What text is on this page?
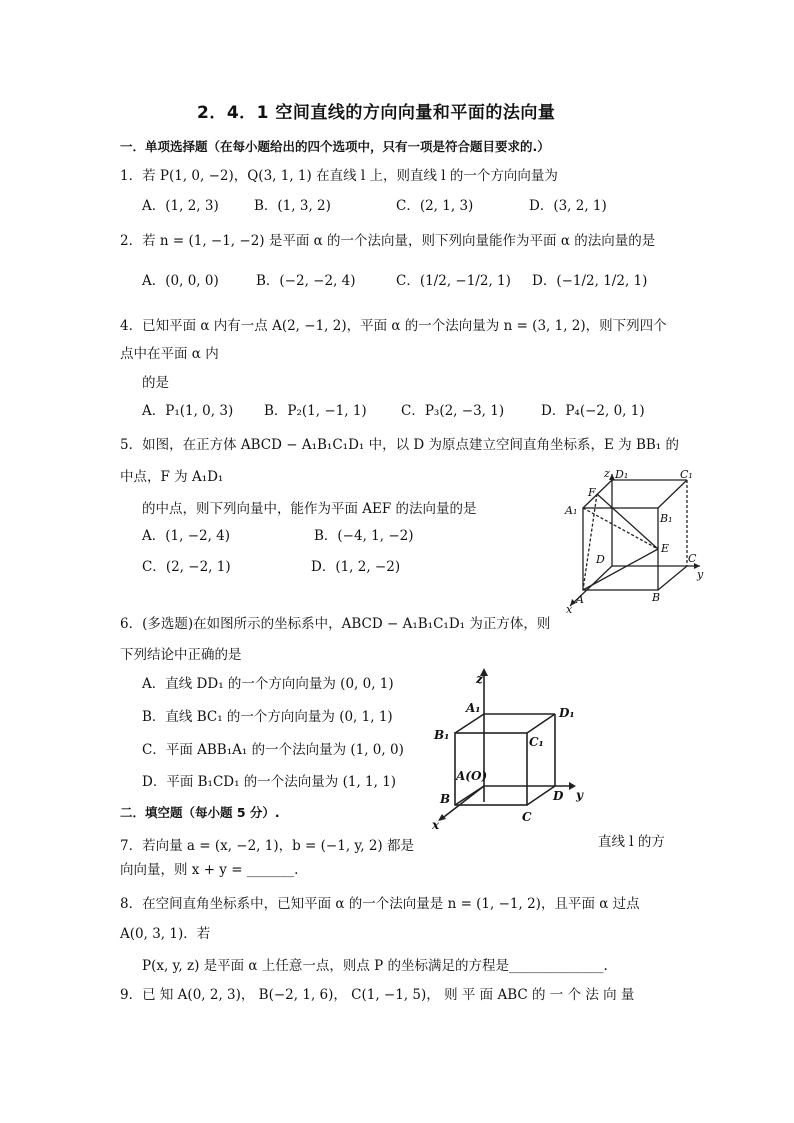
2．4．1 空间直线的方向向量和平面的法向量
一．单项选择题（在每小题给出的四个选项中，只有一项是符合题目要求的.）
1．若 P(1, 0, −2)，Q(3, 1, 1) 在直线 l 上，则直线 l 的一个方向向量为
A．(1, 2, 3)	B．(1, 3, 2)	C．(2, 1, 3)	D．(3, 2, 1)
2．若 n = (1, −1, −2) 是平面 α 的一个法向量，则下列向量能作为平面 α 的法向量的是
A．(0, 0, 0)	B．(−2, −2, 4)	C．(1/2, −1/2, 1) D．(−1/2, 1/2, 1)
4．已知平面 α 内有一点 A(2, −1, 2)，平面 α 的一个法向量为 n = (3, 1, 2)，则下列四个
点中在平面 α 内
的是
A．P₁(1, 0, 3) B．P₂(1, −1, 1)	C．P₃(2, −3, 1)	D．P₄(−2, 0, 1)
5．如图，在正方体 ABCD − A₁B₁C₁D₁ 中，以 D 为原点建立空间直角坐标系，E 为 BB₁ 的
中点，F 为 A₁D₁
的中点，则下列向量中，能作为平面 AEF 的法向量的是
A．(1, −2, 4)	B．(−4, 1, −2)
C．(2, −2, 1)	D．(1, 2, −2)
z D₁	C₁
F
A₁
B₁
D
E
C
y
A	B
x
6．(多选题)在如图所示的坐标系中，ABCD − A₁B₁C₁D₁ 为正方体，则
下列结论中正确的是
A．直线 DD₁ 的一个方向向量为 (0, 0, 1)
B．直线 BC₁ 的一个方向向量为 (0, 1, 1)
C．平面 ABB₁A₁ 的一个法向量为 (1, 0, 0)
D．平面 B₁CD₁ 的一个法向量为 (1, 1, 1)
z
A₁	D₁
B₁	C₁
A(O)
D y
B
C
x
二．填空题（每小题 5 分）.
7．若向量 a = (x, −2, 1)，b = (−1, y, 2) 都是	直线 l 的方
向向量，则 x + y = _______.
8．在空间直角坐标系中，已知平面 α 的一个法向量是 n = (1, −1, 2)，且平面 α 过点
A(0, 3, 1)．若
P(x, y, z) 是平面 α 上任意一点，则点 P 的坐标满足的方程是______________.
9．已 知 A(0, 2, 3)， B(−2, 1, 6)， C(1, −1, 5)， 则 平 面 ABC 的 一 个 法 向 量
